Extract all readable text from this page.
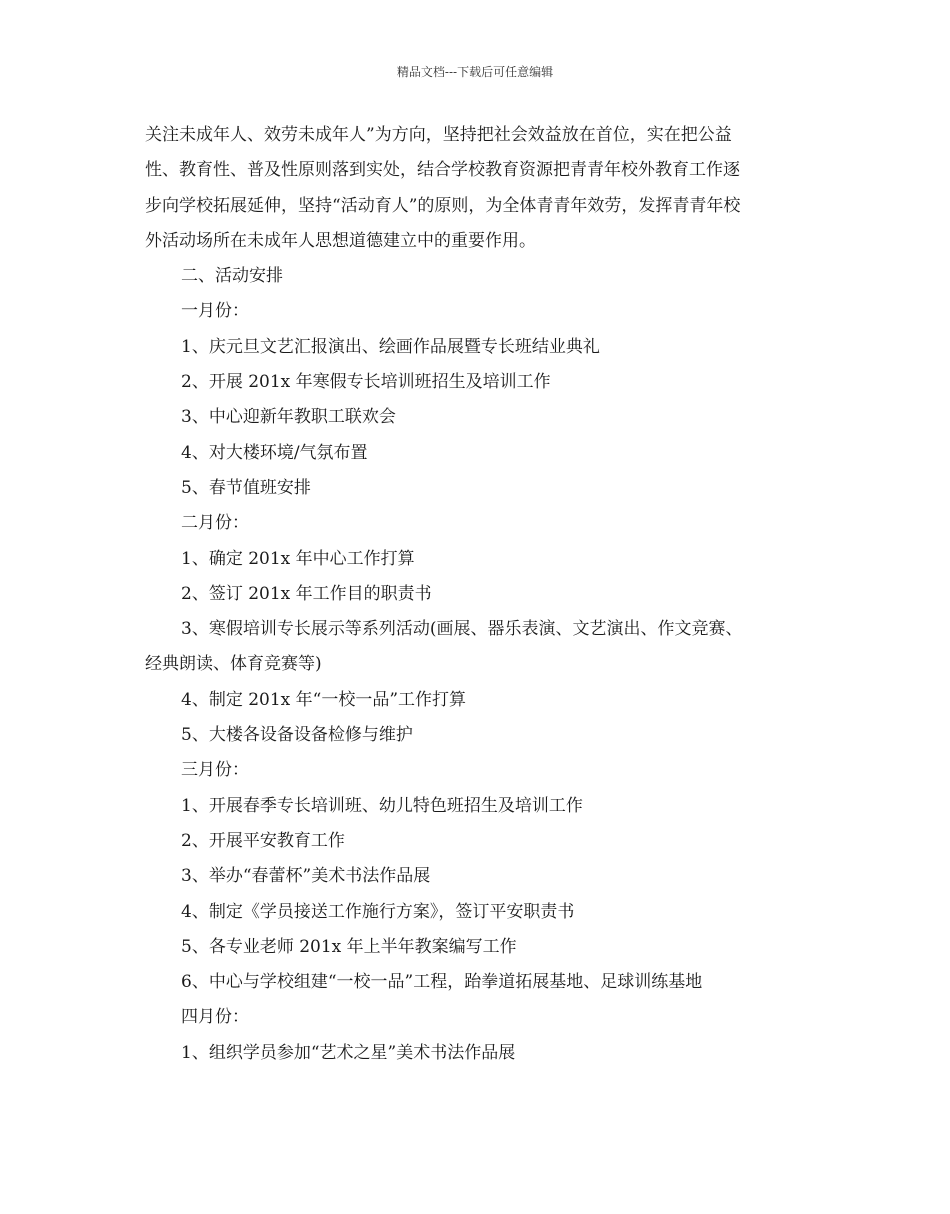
精品文档---下载后可任意编辑

关注未成年人、效劳未成年人”为方向，坚持把社会效益放在首位，实在把公益

性、教育性、普及性原则落到实处，结合学校教育资源把青青年校外教育工作逐

步向学校拓展延伸，坚持“活动育人”的原则，为全体青青年效劳，发挥青青年校

外活动场所在未成年人思想道德建立中的重要作用。

二、活动安排

一月份：

1、庆元旦文艺汇报演出、绘画作品展暨专长班结业典礼

2、开展 201x 年寒假专长培训班招生及培训工作

3、中心迎新年教职工联欢会

4、对大楼环境/气氛布置

5、春节值班安排

二月份：

1、确定 201x 年中心工作打算

2、签订 201x 年工作目的职责书

3、寒假培训专长展示等系列活动(画展、器乐表演、文艺演出、作文竞赛、

经典朗读、体育竞赛等)

4、制定 201x 年“一校一品”工作打算

5、大楼各设备设备检修与维护

三月份：

1、开展春季专长培训班、幼儿特色班招生及培训工作

2、开展平安教育工作

3、举办“春蕾杯”美术书法作品展

4、制定《学员接送工作施行方案》，签订平安职责书

5、各专业老师 201x 年上半年教案编写工作

6、中心与学校组建“一校一品”工程，跆拳道拓展基地、足球训练基地

四月份：

1、组织学员参加“艺术之星”美术书法作品展
